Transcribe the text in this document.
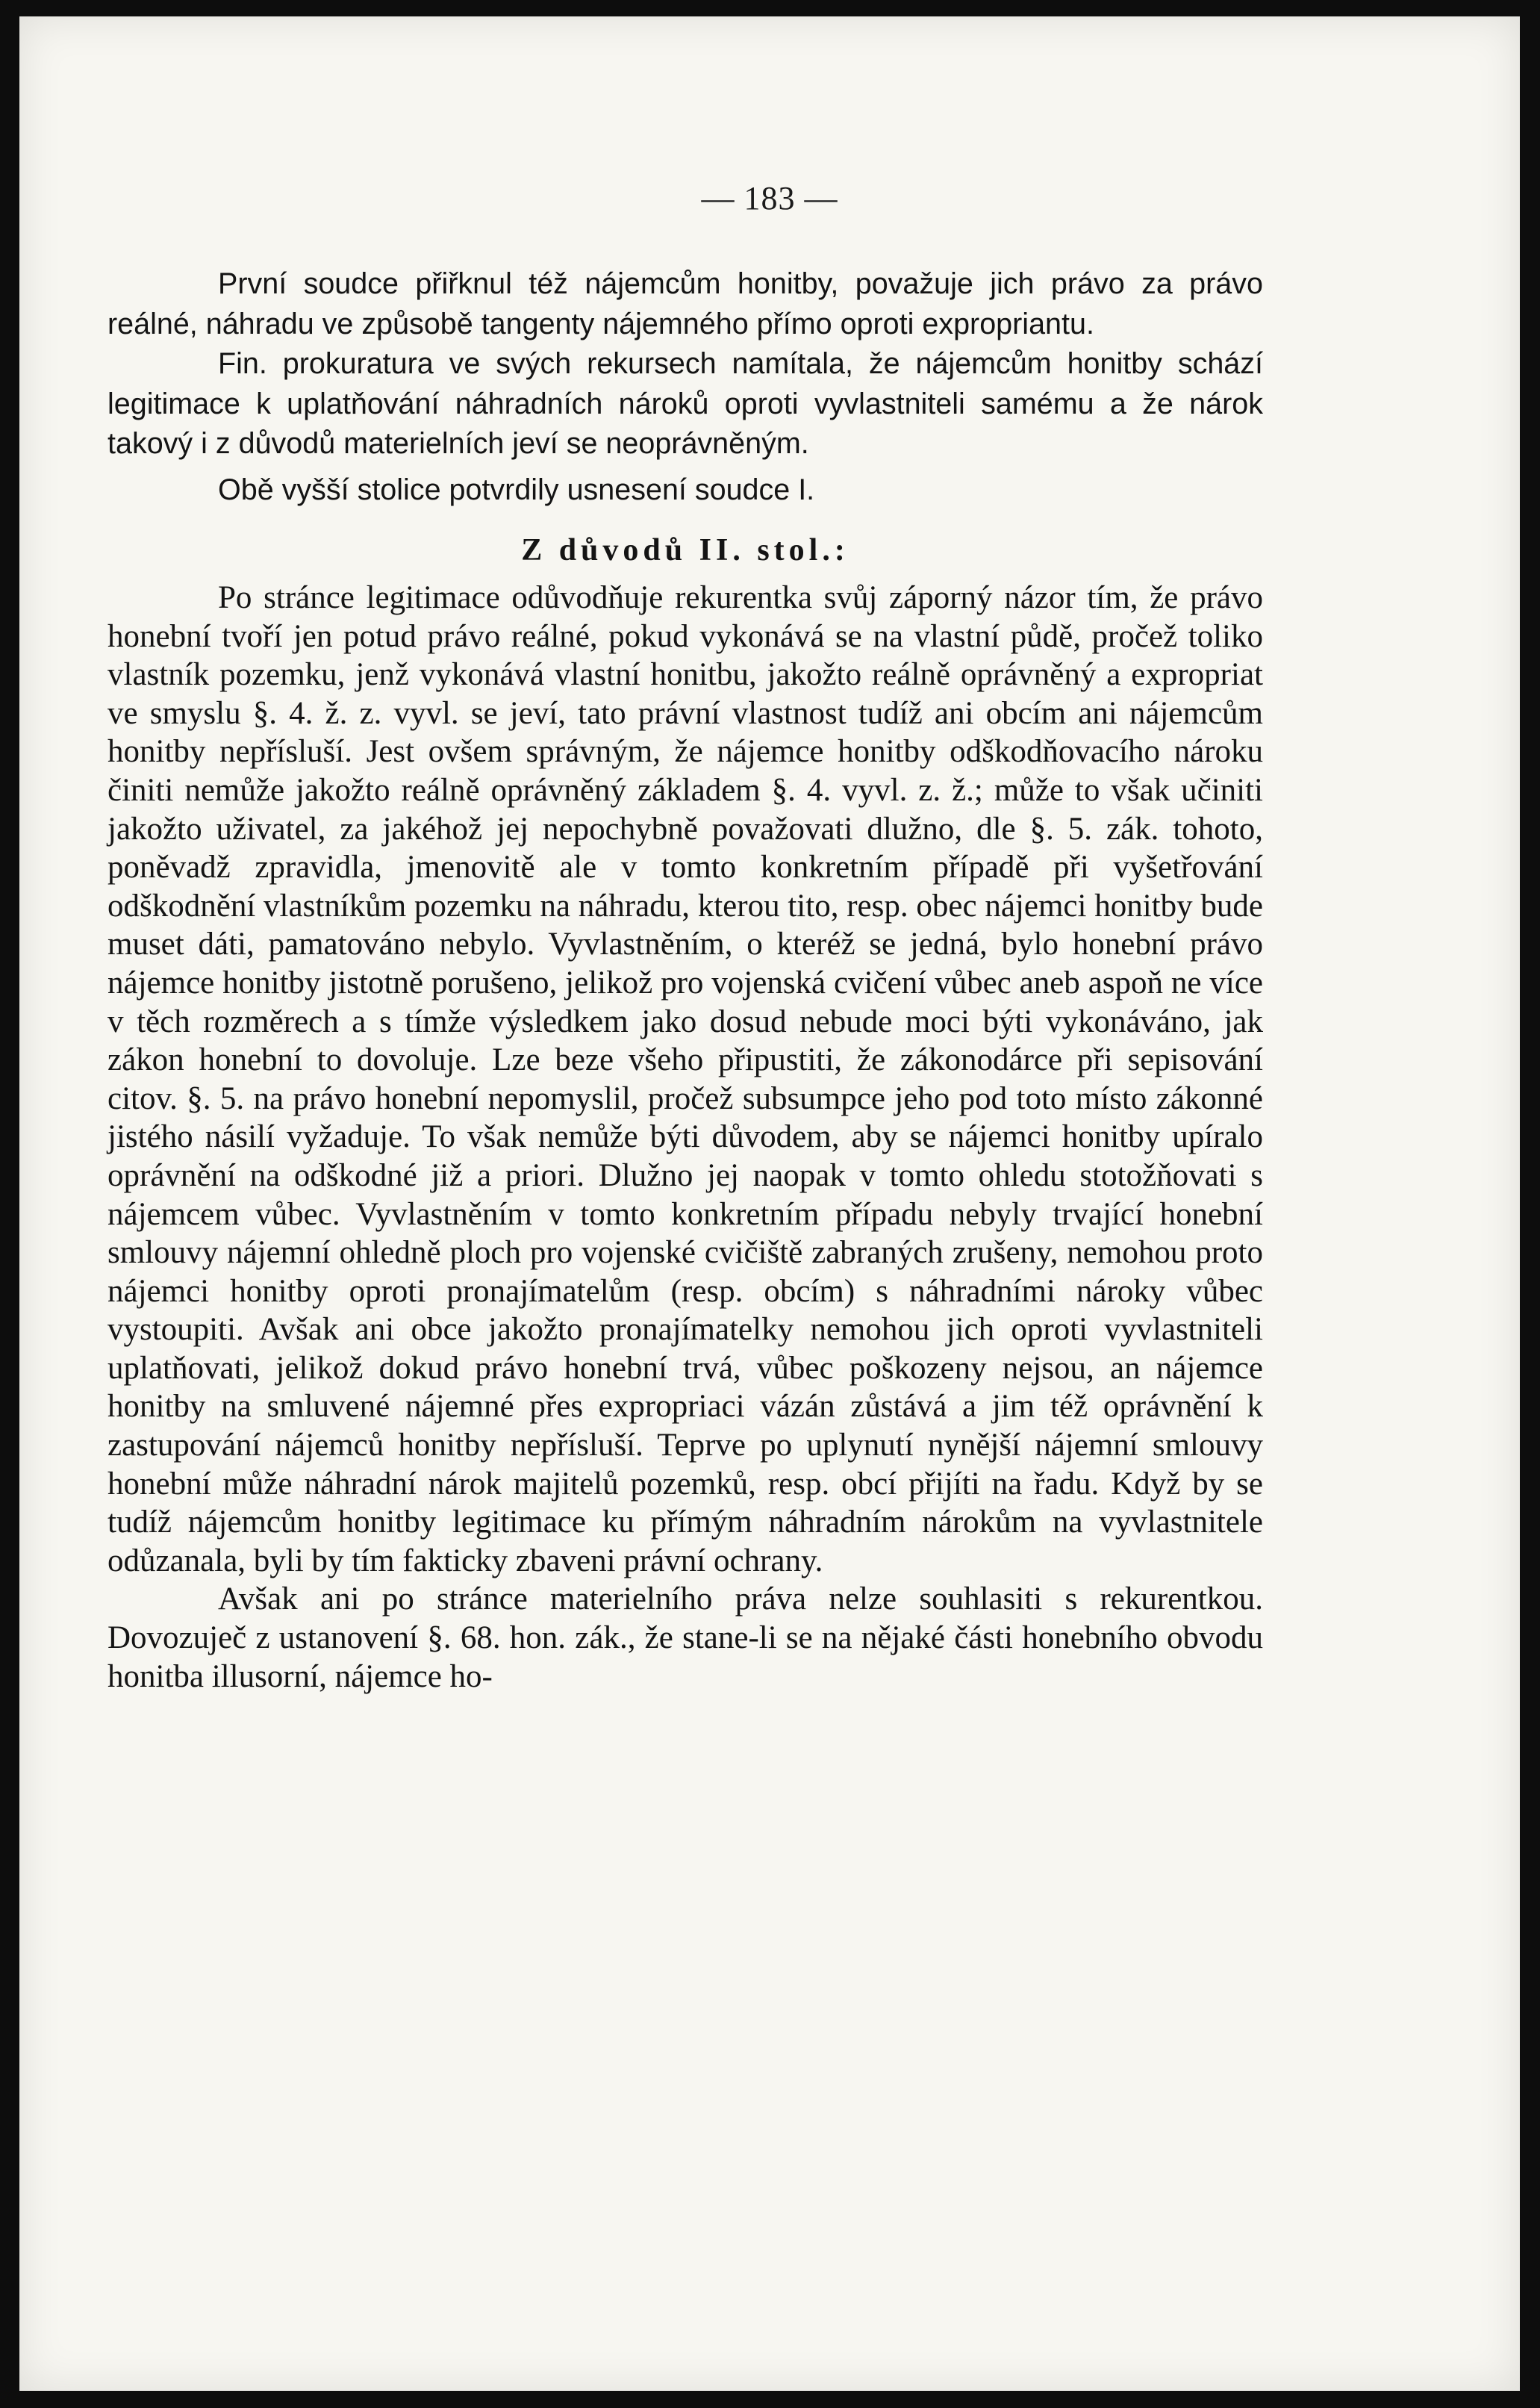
— 183 —

První soudce přiřknul též nájemcům honitby, považuje jich právo za právo reálné, náhradu ve způsobě tangenty nájemného přímo oproti expropriantu.

Fin. prokuratura ve svých rekursech namítala, že nájemcům honitby schází legitimace k uplatňování náhradních nároků oproti vyvlastniteli samému a že nárok takový i z důvodů materielních jeví se neoprávněným.

Obě vyšší stolice potvrdily usnesení soudce I.

Z důvodů II. stol.:

Po stránce legitimace odůvodňuje rekurentka svůj záporný názor tím, že právo honební tvoří jen potud právo reálné, pokud vykonává se na vlastní půdě, pročež toliko vlastník pozemku, jenž vykonává vlastní honitbu, jakožto reálně oprávněný a expropriat ve smyslu §. 4. ž. z. vyvl. se jeví, tato právní vlastnost tudíž ani obcím ani nájemcům honitby nepřísluší. Jest ovšem správným, že nájemce honitby odškodňovacího nároku činiti nemůže jakožto reálně oprávněný základem §. 4. vyvl. z. ž.; může to však učiniti jakožto uživatel, za jakéhož jej nepochybně považovati dlužno, dle §. 5. zák. tohoto, poněvadž zpravidla, jmenovitě ale v tomto konkretním případě při vyšetřování odškodnění vlastníkům pozemku na náhradu, kterou tito, resp. obec nájemci honitby bude muset dáti, pamatováno nebylo. Vyvlastněním, o kteréž se jedná, bylo honební právo nájemce honitby jistotně porušeno, jelikož pro vojenská cvičení vůbec aneb aspoň ne více v těch rozměrech a s tímže výsledkem jako dosud nebude moci býti vykonáváno, jak zákon honební to dovoluje. Lze beze všeho připustiti, že zákonodárce při sepisování citov. §. 5. na právo honební nepomyslil, pročež subsumpce jeho pod toto místo zákonné jistého násilí vyžaduje. To však nemůže býti důvodem, aby se nájemci honitby upíralo oprávnění na odškodné již a priori. Dlužno jej naopak v tomto ohledu stotožňovati s nájemcem vůbec. Vyvlastněním v tomto konkretním případu nebyly trvající honební smlouvy nájemní ohledně ploch pro vojenské cvičiště zabraných zrušeny, nemohou proto nájemci honitby oproti pronajímatelům (resp. obcím) s náhradními nároky vůbec vystoupiti. Avšak ani obce jakožto pronajímatelky nemohou jich oproti vyvlastniteli uplatňovati, jelikož dokud právo honební trvá, vůbec poškozeny nejsou, an nájemce honitby na smluvené nájemné přes expropriaci vázán zůstává a jim též oprávnění k zastupování nájemců honitby nepřísluší. Teprve po uplynutí nynější nájemní smlouvy honební může náhradní nárok majitelů pozemků, resp. obcí přijíti na řadu. Když by se tudíž nájemcům honitby legitimace ku přímým náhradním nárokům na vyvlastnitele odůzanala, byli by tím fakticky zbaveni právní ochrany.

Avšak ani po stránce materielního práva nelze souhlasiti s rekurentkou. Dovozuječ z ustanovení §. 68. hon. zák., že stane-li se na nějaké části honebního obvodu honitba illusorní, nájemce ho-
